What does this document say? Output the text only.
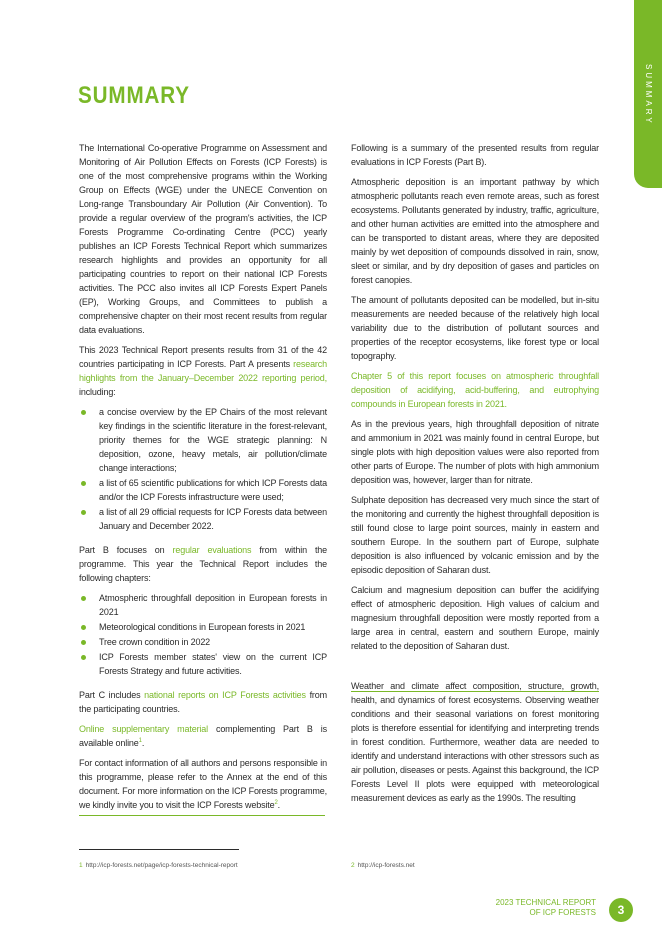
SUMMARY
SUMMARY

The International Co-operative Programme on Assessment and Monitoring of Air Pollution Effects on Forests (ICP Forests) is one of the most comprehensive programs within the Working Group on Effects (WGE) under the UNECE Convention on Long-range Transboundary Air Pollution (Air Convention). To provide a regular overview of the program's activities, the ICP Forests Programme Co-ordinating Centre (PCC) yearly publishes an ICP Forests Technical Report which summarizes research highlights and provides an opportunity for all participating countries to report on their national ICP Forests activities. The PCC also invites all ICP Forests Expert Panels (EP), Working Groups, and Committees to publish a comprehensive chapter on their most recent results from regular data evaluations.

This 2023 Technical Report presents results from 31 of the 42 countries participating in ICP Forests. Part A presents research highlights from the January–December 2022 reporting period, including:

a concise overview by the EP Chairs of the most relevant key findings in the scientific literature in the forest-relevant, priority themes for the WGE strategic planning: N deposition, ozone, heavy metals, air pollution/climate change interactions;
a list of 65 scientific publications for which ICP Forests data and/or the ICP Forests infrastructure were used;
a list of all 29 official requests for ICP Forests data between January and December 2022.

Part B focuses on regular evaluations from within the programme. This year the Technical Report includes the following chapters:

Atmospheric throughfall deposition in European forests in 2021
Meteorological conditions in European forests in 2021
Tree crown condition in 2022
ICP Forests member states' view on the current ICP Forests Strategy and future activities.

Part C includes national reports on ICP Forests activities from the participating countries.

Online supplementary material complementing Part B is available online$^1$.

For contact information of all authors and persons responsible in this programme, please refer to the Annex at the end of this document. For more information on the ICP Forests programme, we kindly invite you to visit the ICP Forests website$^2$.

Following is a summary of the presented results from regular evaluations in ICP Forests (Part B).

Atmospheric deposition is an important pathway by which atmospheric pollutants reach even remote areas, such as forest ecosystems. Pollutants generated by industry, traffic, agriculture, and other human activities are emitted into the atmosphere and can be transported to distant areas, where they are deposited mainly by wet deposition of compounds dissolved in rain, snow, sleet or similar, and by dry deposition of gases and particles on forest canopies.

The amount of pollutants deposited can be modelled, but in-situ measurements are needed because of the relatively high local variability due to the distribution of pollutant sources and properties of the receptor ecosystems, like forest type or local topography.

Chapter 5 of this report focuses on atmospheric throughfall deposition of acidifying, acid-buffering, and eutrophying compounds in European forests in 2021.

As in the previous years, high throughfall deposition of nitrate and ammonium in 2021 was mainly found in central Europe, but single plots with high deposition values were also reported from other parts of Europe. The number of plots with high ammonium deposition was, however, larger than for nitrate.

Sulphate deposition has decreased very much since the start of the monitoring and currently the highest throughfall deposition is still found close to large point sources, mainly in eastern and southern Europe. In the southern part of Europe, sulphate deposition is also influenced by volcanic emission and by the episodic deposition of Saharan dust.

Calcium and magnesium deposition can buffer the acidifying effect of atmospheric deposition. High values of calcium and magnesium throughfall deposition were mostly reported from a large area in central, eastern and southern Europe, mainly related to the deposition of Saharan dust.

Weather and climate affect composition, structure, growth, health, and dynamics of forest ecosystems. Observing weather conditions and their seasonal variations on forest monitoring plots is therefore essential for identifying and interpreting trends in forest condition. Furthermore, weather data are needed to identify and understand interactions with other stressors such as air pollution, diseases or pests. Against this background, the ICP Forests Level II plots were equipped with meteorological measurement devices as early as the 1990s. The resulting

1 http://icp-forests.net/page/icp-forests-technical-report	2 http://icp-forests.net
2023 TECHNICAL REPORT
OF ICP FORESTS	3
